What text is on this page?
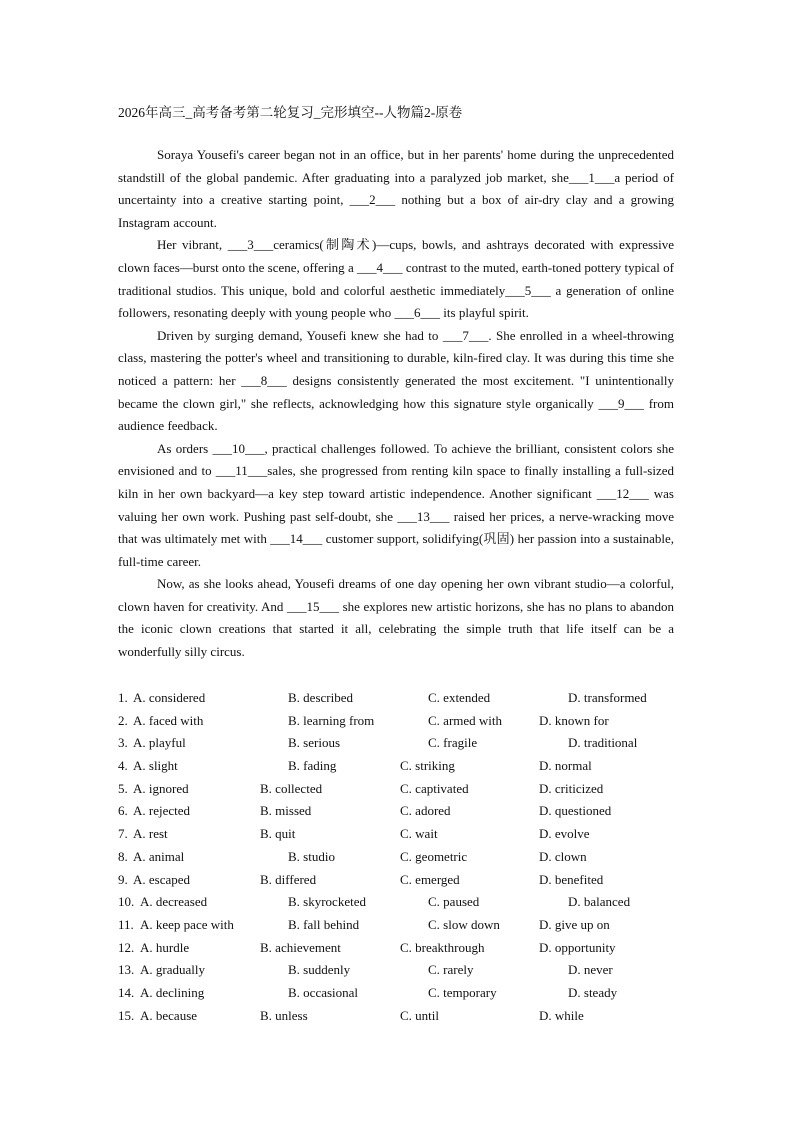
2026年高三_高考备考第二轮复习_完形填空--人物篇2-原卷

Soraya Yousefi's career began not in an office, but in her parents' home during the unprecedented standstill of the global pandemic. After graduating into a paralyzed job market, she___1___a period of uncertainty into a creative starting point, ___2___ nothing but a box of air-dry clay and a growing Instagram account.

Her vibrant, ___3___ceramics(制陶术)—cups, bowls, and ashtrays decorated with expressive clown faces—burst onto the scene, offering a ___4___ contrast to the muted, earth-toned pottery typical of traditional studios. This unique, bold and colorful aesthetic immediately___5___ a generation of online followers, resonating deeply with young people who ___6___ its playful spirit.

Driven by surging demand, Yousefi knew she had to ___7___. She enrolled in a wheel-throwing class, mastering the potter's wheel and transitioning to durable, kiln-fired clay. It was during this time she noticed a pattern: her ___8___ designs consistently generated the most excitement. "I unintentionally became the clown girl," she reflects, acknowledging how this signature style organically ___9___ from audience feedback.

As orders ___10___, practical challenges followed. To achieve the brilliant, consistent colors she envisioned and to ___11___sales, she progressed from renting kiln space to finally installing a full-sized kiln in her own backyard—a key step toward artistic independence. Another significant ___12___ was valuing her own work. Pushing past self-doubt, she ___13___ raised her prices, a nerve-wracking move that was ultimately met with ___14___ customer support, solidifying(巩固) her passion into a sustainable, full-time career.

Now, as she looks ahead, Yousefi dreams of one day opening her own vibrant studio—a colorful, clown haven for creativity. And ___15___ she explores new artistic horizons, she has no plans to abandon the iconic clown creations that started it all, celebrating the simple truth that life itself can be a wonderfully silly circus.

1. A. considered	B. described	C. extended	D. transformed
2. A. faced with	B. learning from	C. armed with	D. known for
3. A. playful	B. serious	C. fragile	D. traditional
4. A. slight	B. fading	C. striking	D. normal
5. A. ignored	B. collected	C. captivated	D. criticized
6. A. rejected	B. missed	C. adored	D. questioned
7. A. rest	B. quit	C. wait	D. evolve
8. A. animal	B. studio	C. geometric	D. clown
9. A. escaped	B. differed	C. emerged	D. benefited
10. A. decreased	B. skyrocketed	C. paused	D. balanced
11. A. keep pace with	B. fall behind	C. slow down	D. give up on
12. A. hurdle	B. achievement	C. breakthrough	D. opportunity
13. A. gradually	B. suddenly	C. rarely	D. never
14. A. declining	B. occasional	C. temporary	D. steady
15. A. because	B. unless	C. until	D. while
